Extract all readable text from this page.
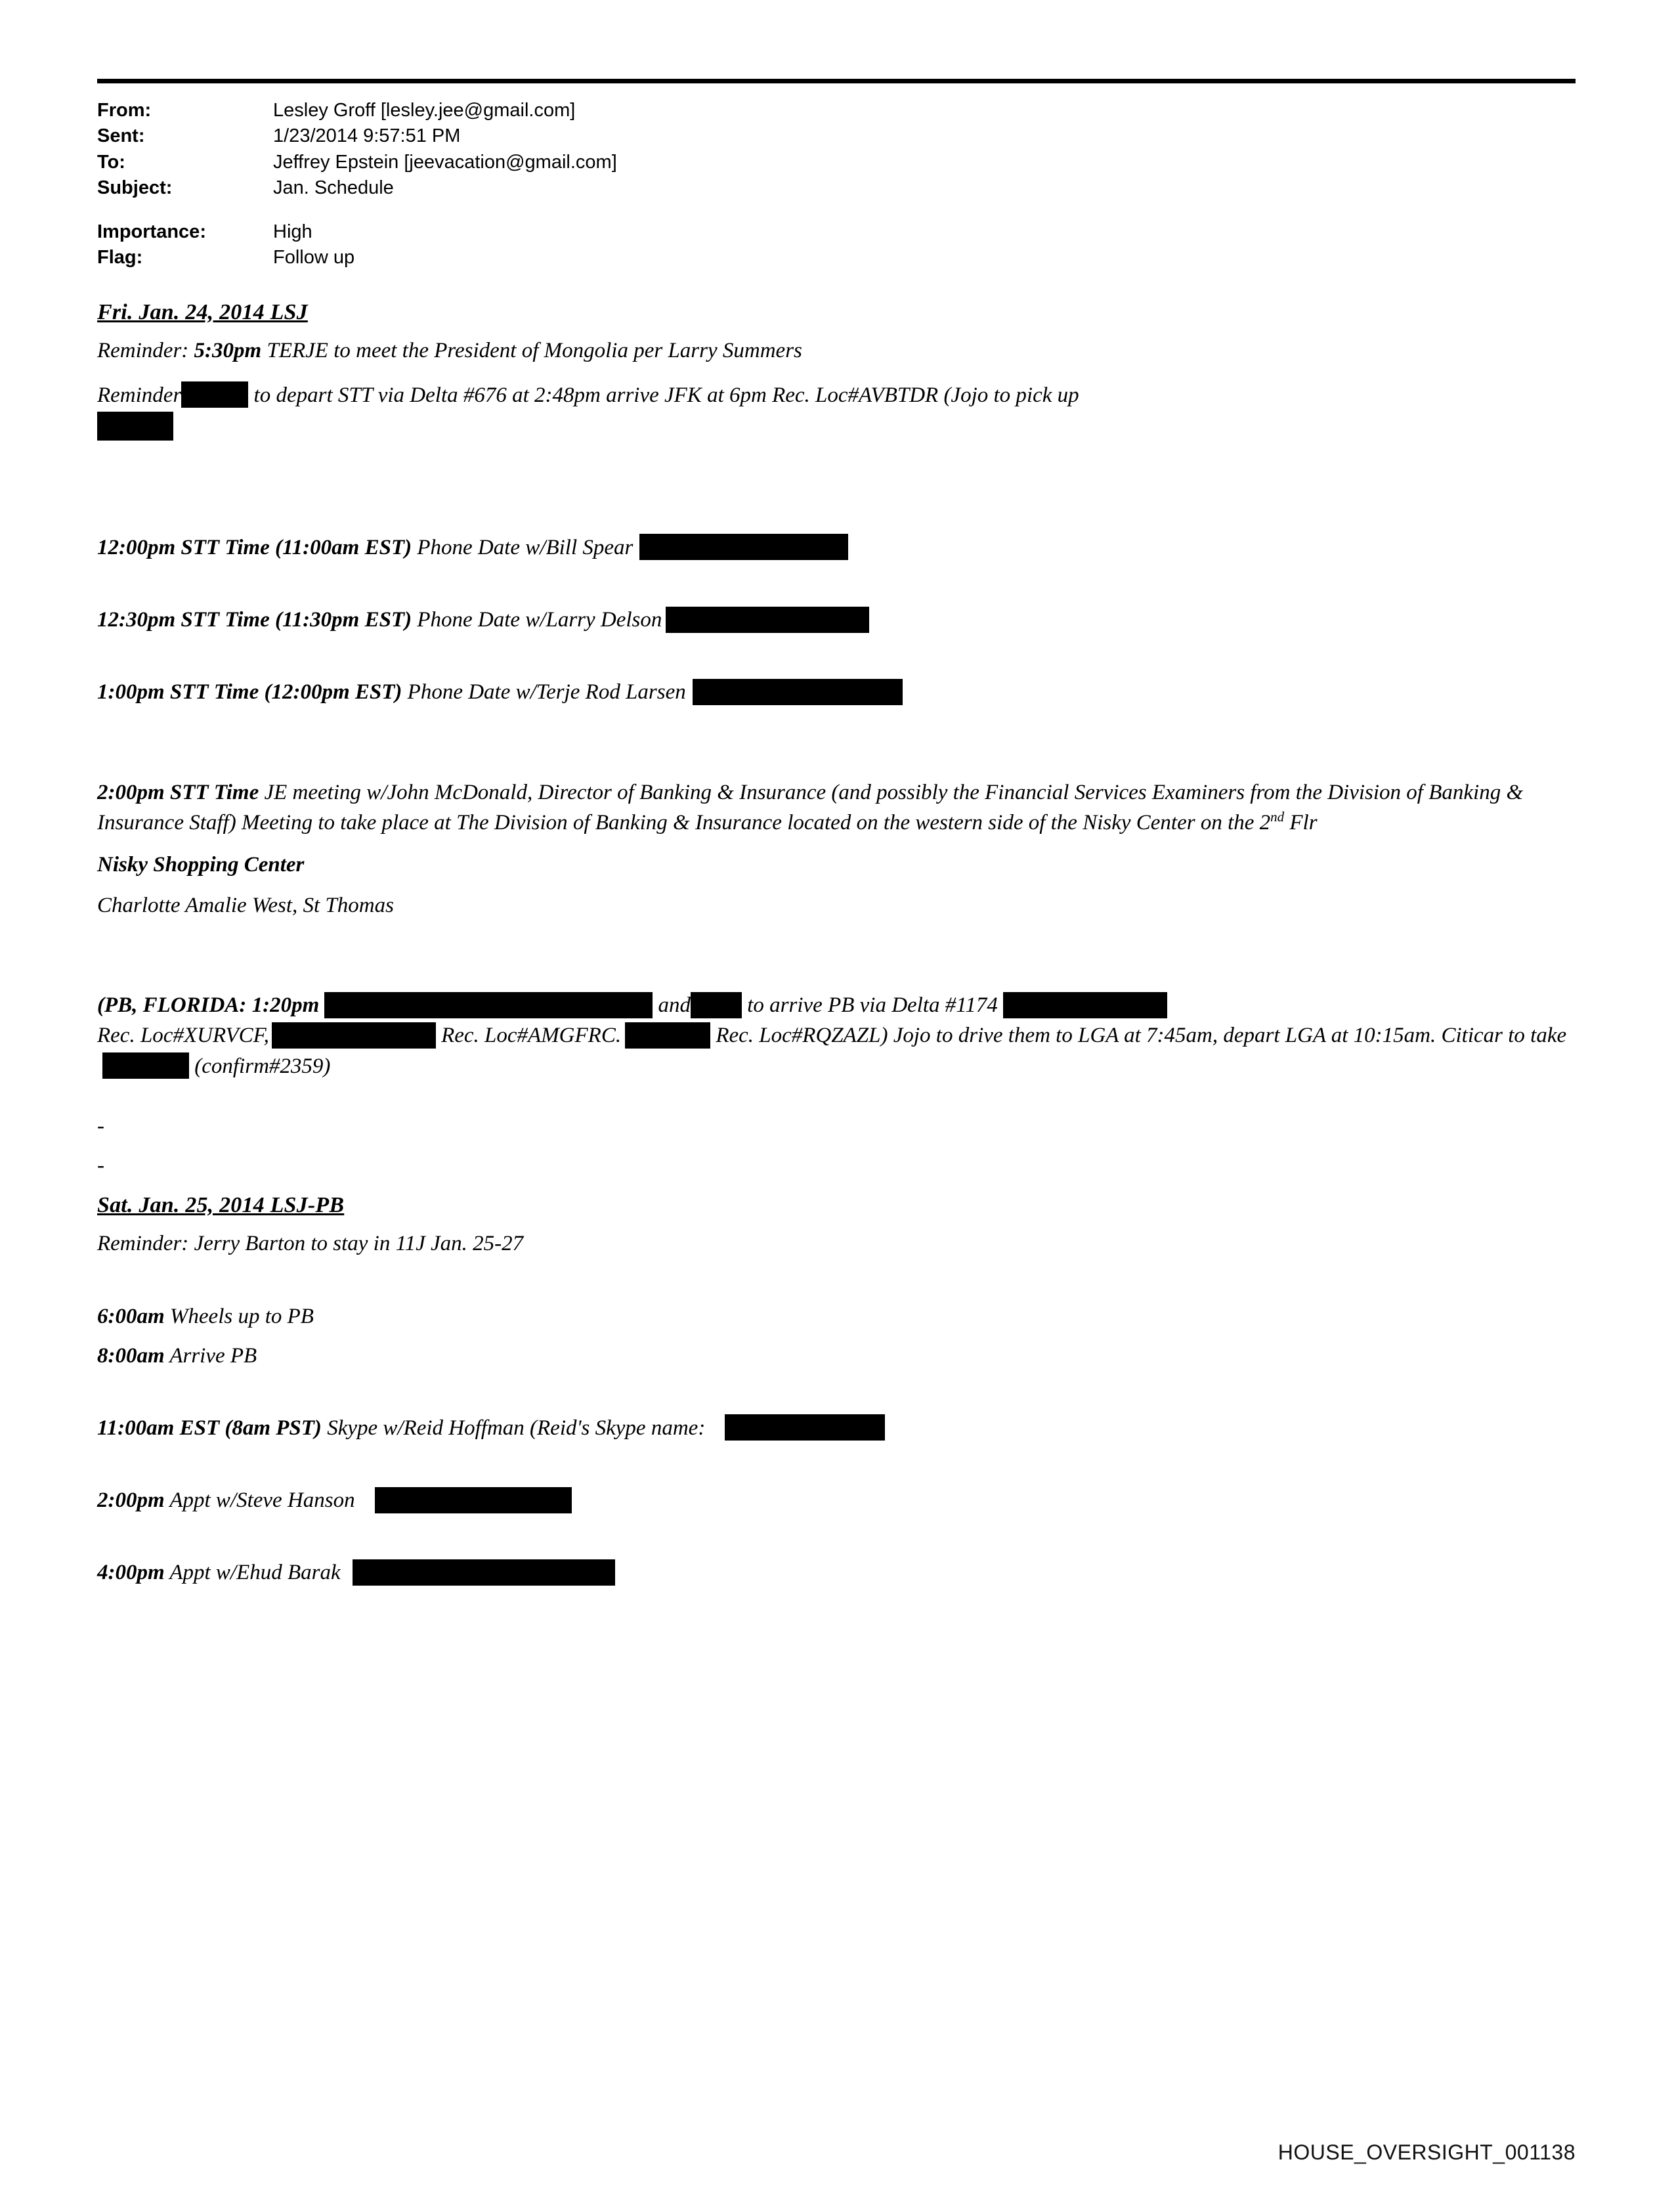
From:	Lesley Groff [lesley.jee@gmail.com]
Sent:	1/23/2014 9:57:51 PM
To:	Jeffrey Epstein [jeevacation@gmail.com]
Subject:	Jan. Schedule

Importance:	High
Flag:	Follow up
Fri. Jan. 24, 2014 LSJ
Reminder: 5:30pm TERJE to meet the President of Mongolia per Larry Summers
Reminder	to depart STT via Delta #676 at 2:48pm arrive JFK at 6pm Rec. Loc#AVBTDR (Jojo to pick up
12:00pm STT Time (11:00am EST) Phone Date w/Bill Spear
12:30pm STT Time (11:30pm EST) Phone Date w/Larry Delson
1:00pm STT Time (12:00pm EST) Phone Date w/Terje Rod Larsen
2:00pm STT Time JE meeting w/John McDonald, Director of Banking & Insurance (and possibly the Financial Services Examiners from the Division of Banking & Insurance Staff) Meeting to take place at The Division of Banking & Insurance located on the western side of the Nisky Center on the 2nd Flr
Nisky Shopping Center
Charlotte Amalie West, St Thomas
(PB, FLORIDA: 1:20pm	and	to arrive PB via Delta #1174
Rec. Loc#XURVCF,	Rec. Loc#AMGFRC.	Rec. Loc#RQZAZL) Jojo to drive them to LGA at 7:45am, depart LGA at 10:15am. Citicar to take (confirm#2359)
-
-
Sat. Jan. 25, 2014 LSJ-PB
Reminder: Jerry Barton to stay in 11J Jan. 25-27
6:00am Wheels up to PB
8:00am Arrive PB
11:00am EST (8am PST) Skype w/Reid Hoffman (Reid's Skype name:
2:00pm Appt w/Steve Hanson
4:00pm Appt w/Ehud Barak
HOUSE_OVERSIGHT_001138
